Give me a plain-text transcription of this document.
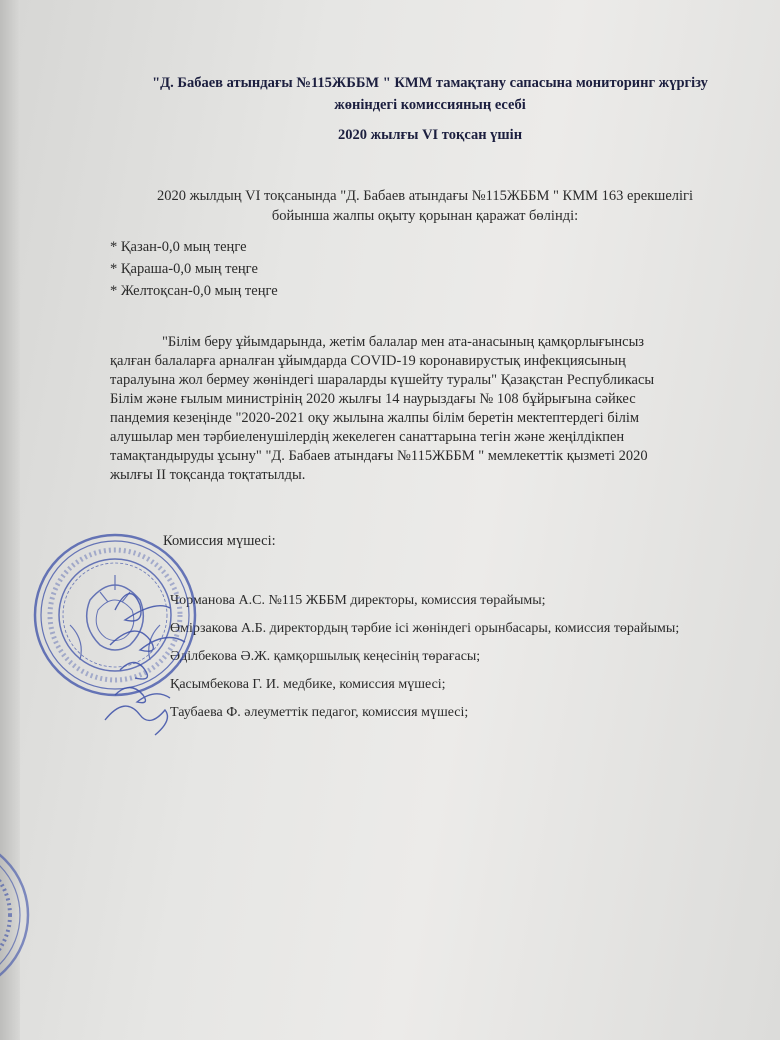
"Д. Бабаев атындағы №115ЖББМ " КММ тамақтану сапасына мониторинг жүргізу
жөніндегі комиссияның есебі
2020 жылғы VI тоқсан үшін
2020 жылдың VI тоқсанында "Д. Бабаев атындағы №115ЖББМ " КММ 163 ерекшелігі
бойынша жалпы оқыту қорынан қаражат бөлінді:
* Қазан-0,0 мың теңге
* Қараша-0,0 мың теңге
* Желтоқсан-0,0 мың теңге
"Білім беру ұйымдарында, жетім балалар мен ата-анасының қамқорлығынсыз
қалған балаларға арналған ұйымдарда COVID-19 коронавирустық инфекциясының
таралуына жол бермеу жөніндегі шараларды күшейту туралы" Қазақстан Республикасы
Білім және ғылым министрінің 2020 жылғы 14 наурыздағы № 108 бұйрығына сәйкес
пандемия кезеңінде "2020-2021 оқу жылына жалпы білім беретін мектептердегі білім
алушылар мен тәрбиеленушілердің жекелеген санаттарына тегін және жеңілдікпен
тамақтандыруды ұсыну" "Д. Бабаев атындағы №115ЖББМ " мемлекеттік қызметі 2020
жылғы II тоқсанда тоқтатылды.
Комиссия мүшесі:
Чорманова А.С. №115 ЖББМ директоры, комиссия төрайымы;
Өмірзакова А.Б. директордың тәрбие ісі жөніндегі орынбасары, комиссия төрайымы;
Әділбекова Ә.Ж. қамқоршылық кеңесінің төрағасы;
Қасымбекова Г. И. медбике, комиссия мүшесі;
Таубаева Ф. әлеуметтік педагог, комиссия мүшесі;
